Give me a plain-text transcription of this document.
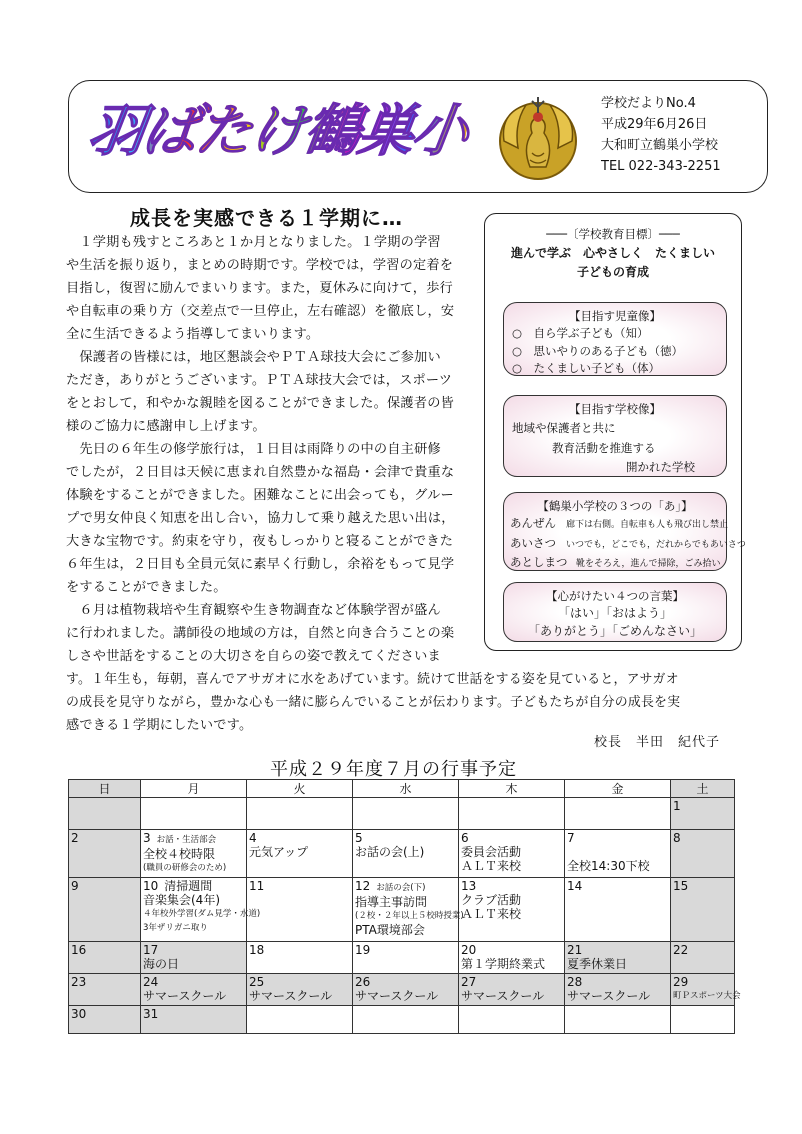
羽ばたけ鶴巣小	学校だよりNo.4
平成29年6月26日
大和町立鶴巣小学校
TEL 022-343-2251
成長を実感できる１学期に…
　１学期も残すところあと１か月となりました。１学期の学習
や生活を振り返り，まとめの時期です。学校では，学習の定着を
目指し，復習に励んでまいります。また，夏休みに向けて，歩行
や自転車の乗り方（交差点で一旦停止，左右確認）を徹底し，安
全に生活できるよう指導してまいります。
　保護者の皆様には，地区懇談会やＰＴＡ球技大会にご参加い
ただき，ありがとうございます。ＰＴＡ球技大会では，スポーツ
をとおして，和やかな親睦を図ることができました。保護者の皆
様のご協力に感謝申し上げます。
　先日の６年生の修学旅行は，１日目は雨降りの中の自主研修
でしたが，２日目は天候に恵まれ自然豊かな福島・会津で貴重な
体験をすることができました。困難なことに出会っても，グルー
プで男女仲良く知恵を出し合い，協力して乗り越えた思い出は，
大きな宝物です。約束を守り，夜もしっかりと寝ることができた
６年生は，２日目も全員元気に素早く行動し，余裕をもって見学
をすることができました。
　６月は植物栽培や生育観察や生き物調査など体験学習が盛ん
に行われました。講師役の地域の方は，自然と向き合うことの楽
しさや世話をすることの大切さを自らの姿で教えてくださいま
す。１年生も，毎朝，喜んでアサガオに水をあげています。続けて世話をする姿を見ていると，アサガオ
の成長を見守りながら，豊かな心も一緒に膨らんでいることが伝わります。子どもたちが自分の成長を実
感できる１学期にしたいです。
校長　半田　紀代子
───〔学校教育目標〕───
進んで学ぶ　心やさしく　たくましい
子どもの育成
【目指す児童像】
○　自ら学ぶ子ども（知）
○　思いやりのある子ども（徳）
○　たくましい子ども（体）
【目指す学校像】
地域や保護者と共に
教育活動を推進する
開かれた学校
【鶴巣小学校の３つの「あ」】
あんぜん 廊下は右側。自転車も人も飛び出し禁止
あいさつ いつでも，どこでも，だれからでもあいさつ
あとしまつ 靴をそろえ，進んで掃除，ごみ拾い
【心がけたい４つの言葉】
「はい」「おはよう」
「ありがとう」「ごめんなさい」
平成２９年度７月の行事予定
日	月	火	水	木	金	土

						1

2	3 お話・生活部会
全校４校時限
(職員の研修会のため)	4
元気アップ	5
お話の会(上)	6
委員会活動
ＡＬＴ来校	7
全校14:30下校	8

9	10 清掃週間
音楽集会(4年)
４年校外学習(ダム見学・水道)
3年ザリガニ取り	11	12 お話の会(下)
指導主事訪問
(２校・２年以上５校時授業)
PTA環境部会	13
クラブ活動
ＡＬＴ来校	14	15

16	17
海の日	18	19	20
第１学期終業式	21
夏季休業日	22

23	24
サマースクール	25
サマースクール	26
サマースクール	27
サマースクール	28
サマースクール	29
町Ｐスポーツ大会

30	31					
